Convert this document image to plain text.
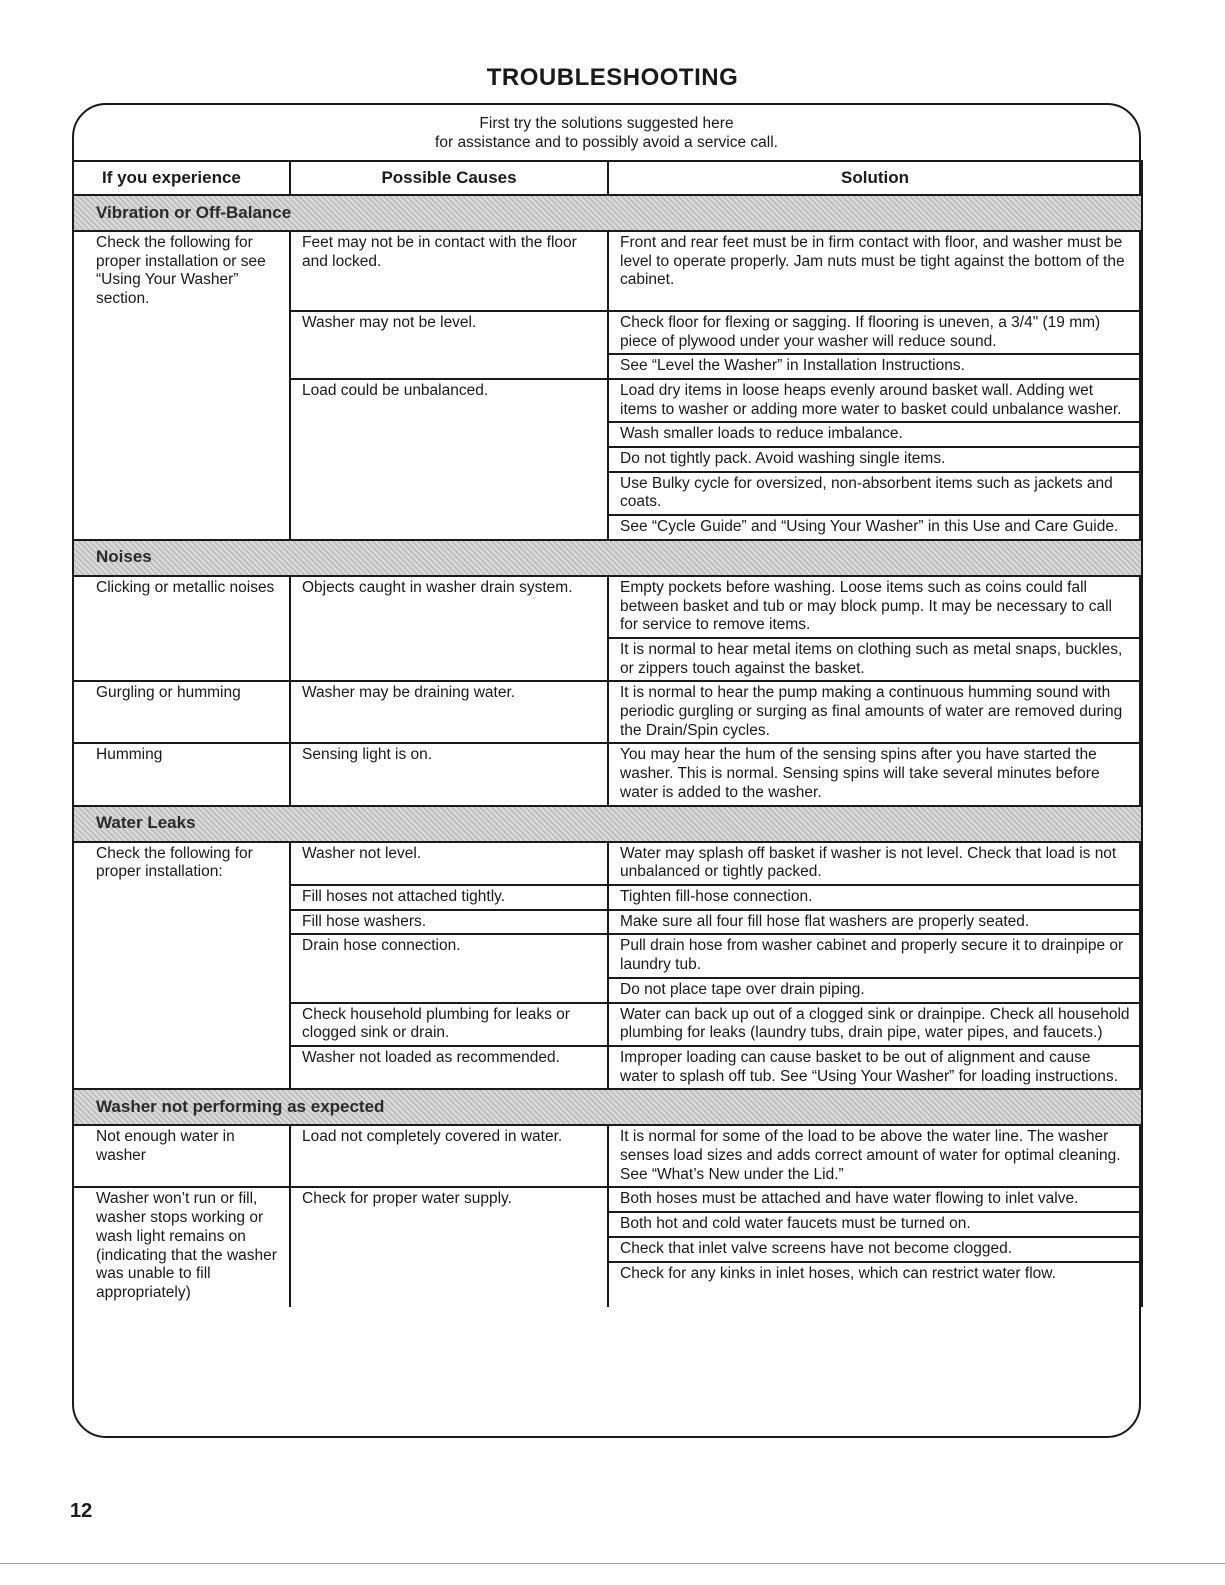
TROUBLESHOOTING
First try the solutions suggested here
for assistance and to possibly avoid a service call.
If you experience	Possible Causes	Solution
Vibration or Off-Balance		
Check the following for proper installation or see “Using Your Washer” section.	Feet may not be in contact with the floor and locked.	Front and rear feet must be in firm contact with floor, and washer must be level to operate properly. Jam nuts must be tight against the bottom of the cabinet.
	Washer may not be level.	Check floor for flexing or sagging. If flooring is uneven, a 3/4" (19 mm) piece of plywood under your washer will reduce sound.
		See “Level the Washer” in Installation Instructions.
	Load could be unbalanced.	Load dry items in loose heaps evenly around basket wall. Adding wet items to washer or adding more water to basket could unbalance washer.
		Wash smaller loads to reduce imbalance.
		Do not tightly pack. Avoid washing single items.
		Use Bulky cycle for oversized, non-absorbent items such as jackets and coats.
		See “Cycle Guide” and “Using Your Washer” in this Use and Care Guide.
Noises		
Clicking or metallic noises	Objects caught in washer drain system.	Empty pockets before washing. Loose items such as coins could fall between basket and tub or may block pump. It may be necessary to call for service to remove items.
		It is normal to hear metal items on clothing such as metal snaps, buckles, or zippers touch against the basket.
Gurgling or humming	Washer may be draining water.	It is normal to hear the pump making a continuous humming sound with periodic gurgling or surging as final amounts of water are removed during the Drain/Spin cycles.
Humming	Sensing light is on.	You may hear the hum of the sensing spins after you have started the washer. This is normal. Sensing spins will take several minutes before water is added to the washer.
Water Leaks		
Check the following for proper installation:	Washer not level.	Water may splash off basket if washer is not level. Check that load is not unbalanced or tightly packed.
	Fill hoses not attached tightly.	Tighten fill-hose connection.
	Fill hose washers.	Make sure all four fill hose flat washers are properly seated.
	Drain hose connection.	Pull drain hose from washer cabinet and properly secure it to drainpipe or laundry tub.
		Do not place tape over drain piping.
	Check household plumbing for leaks or clogged sink or drain.	Water can back up out of a clogged sink or drainpipe. Check all household plumbing for leaks (laundry tubs, drain pipe, water pipes, and faucets.)
	Washer not loaded as recommended.	Improper loading can cause basket to be out of alignment and cause water to splash off tub. See “Using Your Washer” for loading instructions.
Washer not performing as expected		
Not enough water in washer	Load not completely covered in water.	It is normal for some of the load to be above the water line. The washer senses load sizes and adds correct amount of water for optimal cleaning. See “What’s New under the Lid.”
Washer won’t run or fill, washer stops working or wash light remains on (indicating that the washer was unable to fill appropriately)	Check for proper water supply.	Both hoses must be attached and have water flowing to inlet valve.
		Both hot and cold water faucets must be turned on.
		Check that inlet valve screens have not become clogged.
		Check for any kinks in inlet hoses, which can restrict water flow.
12
